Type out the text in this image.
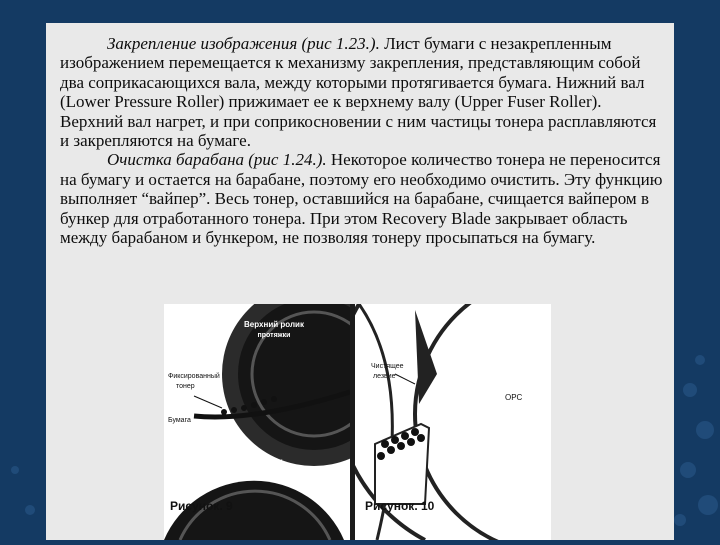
Закрепление изображения (рис 1.23.). Лист бумаги с незакрепленным изображением перемещается к механизму закрепления, представляющим собой два соприкасающихся вала, между которыми протягивается бумага. Нижний вал (Lower Pressure Roller) прижимает ее к верхнему валу (Upper Fuser Roller). Верхний вал нагрет, и при соприкосновении с ним частицы тонера расплавляются и закрепляются на бумаге.

Очистка барабана (рис 1.24.). Некоторое количество тонера не переносится на бумагу и остается на барабане, поэтому его необходимо очистить. Эту функцию выполняет “вайпер”. Весь тонер, оставшийся на барабане, счищается вайпером в бункер для отработанного тонера. При этом Recovery Blade закрывает область между барабаном и бункером, не позволяя тонеру просыпаться на бумагу.

Верхний ролик
протяжки
Фиксированный
тонер
Бумага
Нижний ролик
протяжки
Рисунок. 9
Чистящее
лезвие
OPC
Рисунок. 10
